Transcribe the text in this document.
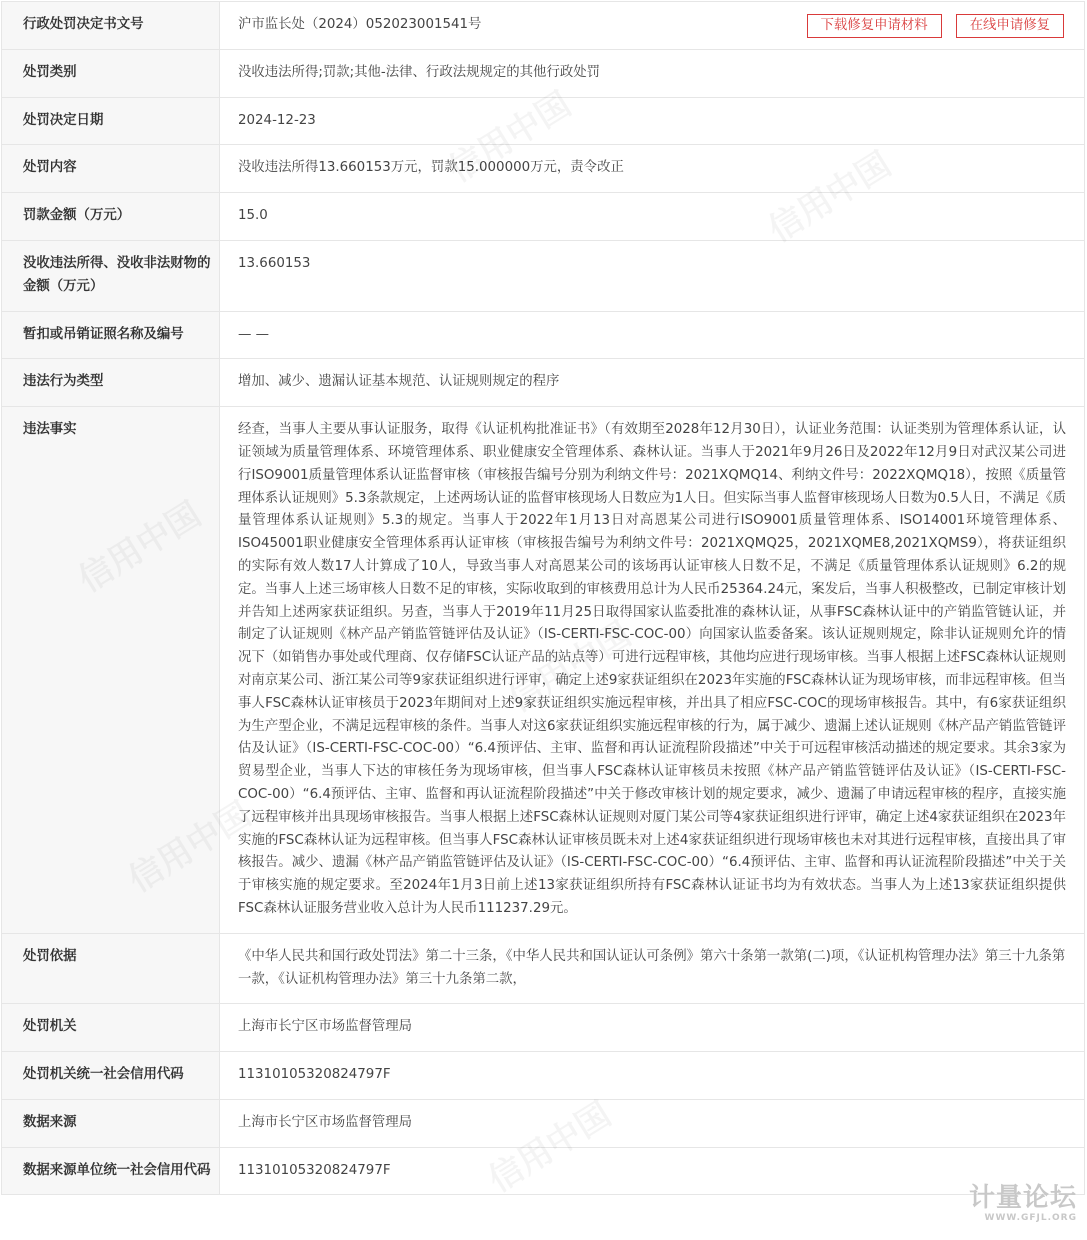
行政处罚决定书文号	沪市监长处（2024）052023001541号 下载修复申请材料 在线申请修复

处罚类别	没收违法所得;罚款;其他-法律、行政法规规定的其他行政处罚
处罚决定日期	2024-12-23
处罚内容	没收违法所得13.660153万元，罚款15.000000万元，责令改正
罚款金额（万元）	15.0
没收违法所得、没收非法财物的金额（万元）	13.660153
暂扣或吊销证照名称及编号	— —
违法行为类型	增加、减少、遗漏认证基本规范、认证规则规定的程序
违法事实	经查，当事人主要从事认证服务，取得《认证机构批准证书》（有效期至2028年12月30日），认证业务范围：认证类别为管理体系认证，认证领域为质量管理体系、环境管理体系、职业健康安全管理体系、森林认证。当事人于2021年9月26日及2022年12月9日对武汉某公司进行ISO9001质量管理体系认证监督审核（审核报告编号分别为利纳文件号：2021XQMQ14、利纳文件号：2022XQMQ18），按照《质量管理体系认证规则》5.3条款规定，上述两场认证的监督审核现场人日数应为1人日。但实际当事人监督审核现场人日数为0.5人日，不满足《质量管理体系认证规则》5.3的规定。当事人于2022年1月13日对高恩某公司进行ISO9001质量管理体系、ISO14001环境管理体系、ISO45001职业健康安全管理体系再认证审核（审核报告编号为利纳文件号：2021XQMQ25，2021XQME8,2021XQMS9），将获证组织的实际有效人数17人计算成了10人，导致当事人对高恩某公司的该场再认证审核人日数不足，不满足《质量管理体系认证规则》6.2的规定。当事人上述三场审核人日数不足的审核，实际收取到的审核费用总计为人民币25364.24元，案发后，当事人积极整改，已制定审核计划并告知上述两家获证组织。另查，当事人于2019年11月25日取得国家认监委批准的森林认证，从事FSC森林认证中的产销监管链认证，并制定了认证规则《林产品产销监管链评估及认证》（IS-CERTI-FSC-COC-00）向国家认监委备案。该认证规则规定，除非认证规则允许的情况下（如销售办事处或代理商、仅存储FSC认证产品的站点等）可进行远程审核，其他均应进行现场审核。当事人根据上述FSC森林认证规则对南京某公司、浙江某公司等9家获证组织进行评审，确定上述9家获证组织在2023年实施的FSC森林认证为现场审核，而非远程审核。但当事人FSC森林认证审核员于2023年期间对上述9家获证组织实施远程审核，并出具了相应FSC-COC的现场审核报告。其中，有6家获证组织为生产型企业，不满足远程审核的条件。当事人对这6家获证组织实施远程审核的行为，属于减少、遗漏上述认证规则《林产品产销监管链评估及认证》（IS-CERTI-FSC-COC-00）“6.4预评估、主审、监督和再认证流程阶段描述”中关于可远程审核活动描述的规定要求。其余3家为贸易型企业，当事人下达的审核任务为现场审核，但当事人FSC森林认证审核员未按照《林产品产销监管链评估及认证》（IS-CERTI-FSC-COC-00）“6.4预评估、主审、监督和再认证流程阶段描述”中关于修改审核计划的规定要求，减少、遗漏了申请远程审核的程序，直接实施了远程审核并出具现场审核报告。当事人根据上述FSC森林认证规则对厦门某公司等4家获证组织进行评审，确定上述4家获证组织在2023年实施的FSC森林认证为远程审核。但当事人FSC森林认证审核员既未对上述4家获证组织进行现场审核也未对其进行远程审核，直接出具了审核报告。减少、遗漏《林产品产销监管链评估及认证》（IS-CERTI-FSC-COC-00）“6.4预评估、主审、监督和再认证流程阶段描述”中关于关于审核实施的规定要求。至2024年1月3日前上述13家获证组织所持有FSC森林认证证书均为有效状态。当事人为上述13家获证组织提供FSC森林认证服务营业收入总计为人民币111237.29元。
处罚依据	《中华人民共和国行政处罚法》第二十三条，《中华人民共和国认证认可条例》第六十条第一款第(二)项，《认证机构管理办法》第三十九条第一款，《认证机构管理办法》第三十九条第二款，
处罚机关	上海市长宁区市场监督管理局
处罚机关统一社会信用代码	11310105320824797F
数据来源	上海市长宁区市场监督管理局
数据来源单位统一社会信用代码	11310105320824797F
计量论坛
WWW.GFJL.ORG
